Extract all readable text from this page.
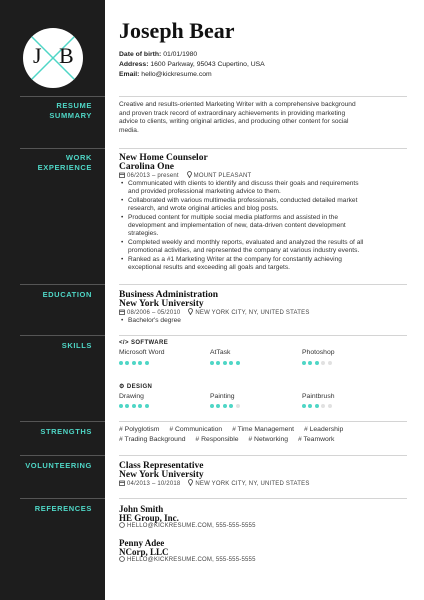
J B
Joseph Bear
Date of birth: 01/01/1980
Address: 1600 Parkway, 95043 Cupertino, USA
Email: hello@kickresume.com
RESUME
SUMMARY
Creative and results-oriented Marketing Writer with a comprehensive background
and proven track record of extraordinary achievements in providing marketing
advice to clients, writing original articles, and producing other content for social
media.
WORK
EXPERIENCE
New Home Counselor
Carolina One
06/2013 – present MOUNT PLEASANT
• Communicated with clients to identify and discuss their goals and requirements
and provided professional marketing advice to them.
• Collaborated with various multimedia professionals, conducted detailed market
research, and wrote original articles and blog posts.
• Produced content for multiple social media platforms and assisted in the
development and implementation of new, data-driven content development
strategies.
• Completed weekly and monthly reports, evaluated and analyzed the results of all
promotional activities, and represented the company at various industry events.
• Ranked as a #1 Marketing Writer at the company for constantly achieving
exceptional results and exceeding all goals and targets.
EDUCATION	Business Administration
New York University
08/2006 – 05/2010 NEW YORK CITY, NY, UNITED STATES
• Bachelor's degree
SKILLS	</> SOFTWARE
Microsoft Word	AtTask	Photoshop
⚙ DESIGN
Drawing	Painting	Paintbrush
STRENGTHS	# Polyglotism # Communication # Time Management # Leadership
# Trading Background # Responsible # Networking # Teamwork
VOLUNTEERING	Class Representative
New York University
04/2013 – 10/2018 NEW YORK CITY, NY, UNITED STATES
REFERENCES	John Smith
HE Group, Inc.
HELLO@KICKRESUME.COM, 555-555-5555
Penny Adee
NCorp, LLC
HELLO@KICKRESUME.COM, 555-555-5555
